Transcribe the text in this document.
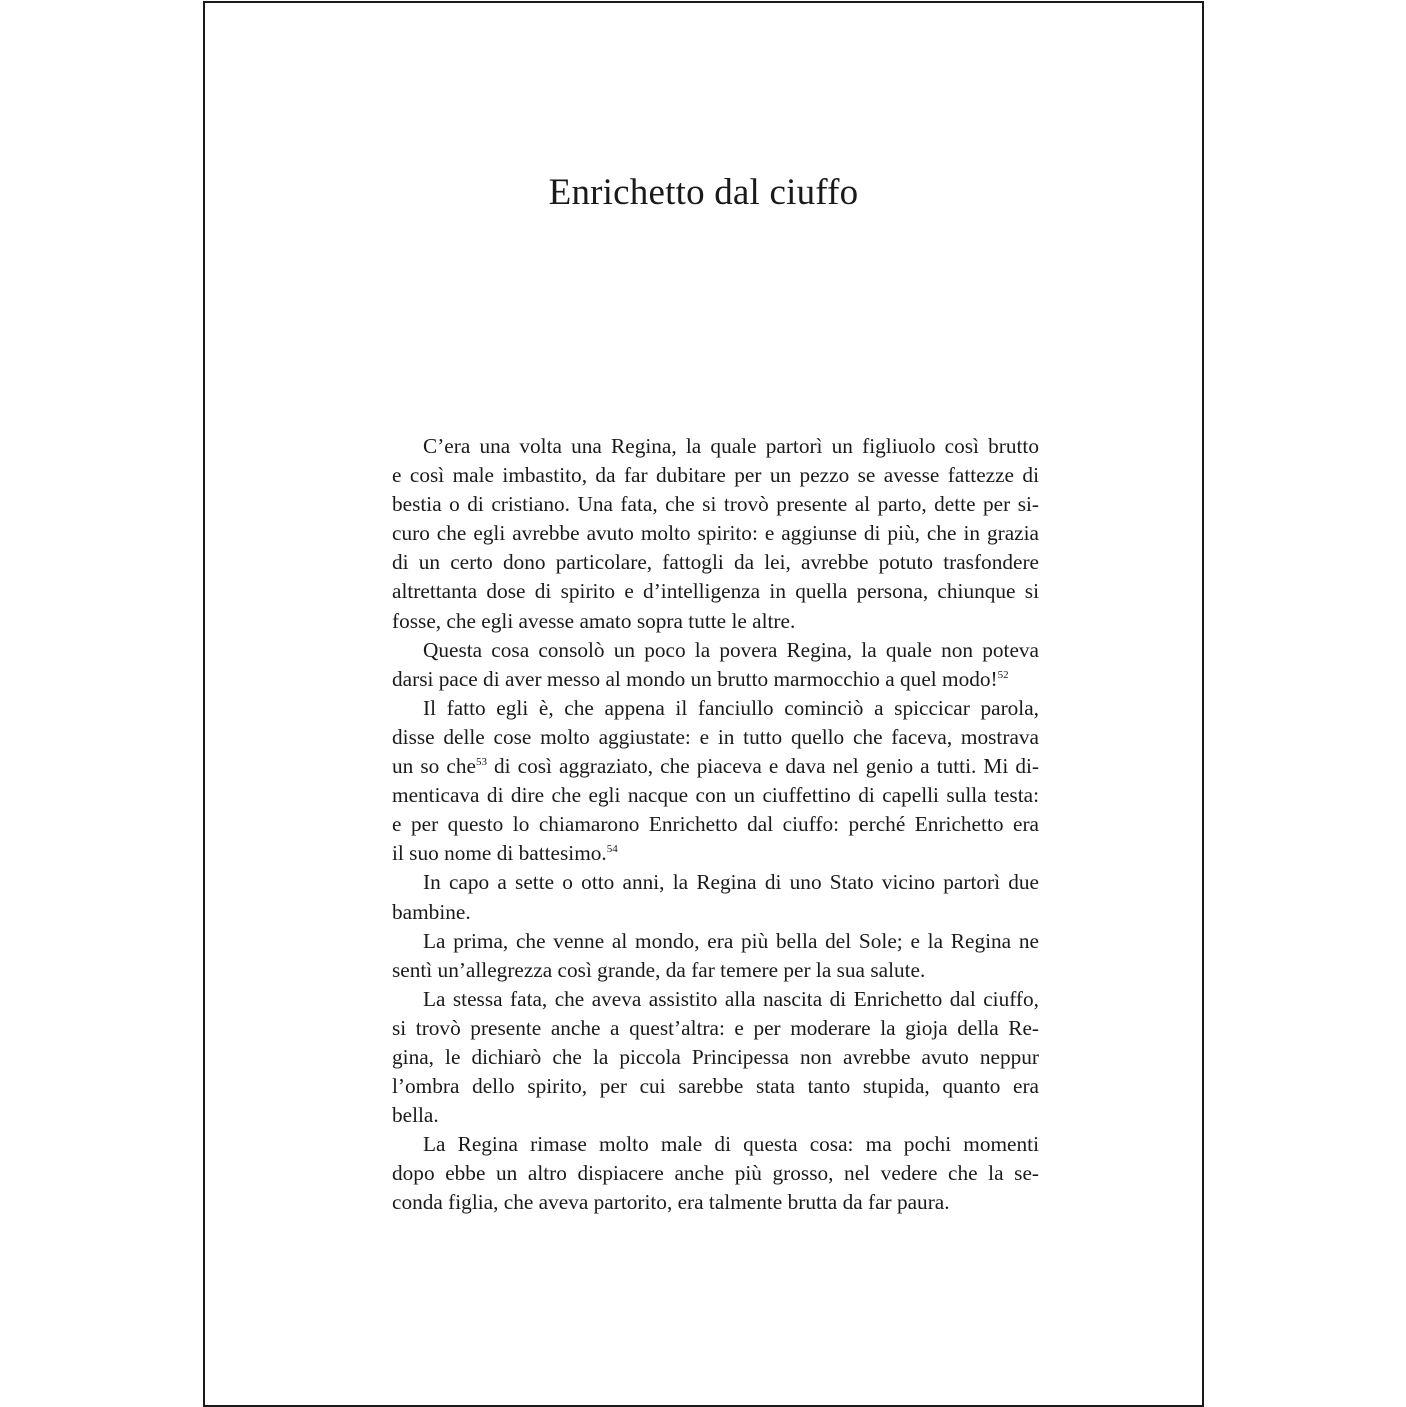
Enrichetto dal ciuffo
C’era una volta una Regina, la quale partorì un figliuolo così brutto
e così male imbastito, da far dubitare per un pezzo se avesse fattezze di
bestia o di cristiano. Una fata, che si trovò presente al parto, dette per si-
curo che egli avrebbe avuto molto spirito: e aggiunse di più, che in grazia
di un certo dono particolare, fattogli da lei, avrebbe potuto trasfondere
altrettanta dose di spirito e d’intelligenza in quella persona, chiunque si
fosse, che egli avesse amato sopra tutte le altre.
Questa cosa consolò un poco la povera Regina, la quale non poteva
darsi pace di aver messo al mondo un brutto marmocchio a quel modo!$^{52}$
Il fatto egli è, che appena il fanciullo cominciò a spiccicar parola,
disse delle cose molto aggiustate: e in tutto quello che faceva, mostrava
un so che$^{53}$ di così aggraziato, che piaceva e dava nel genio a tutti. Mi di-
menticava di dire che egli nacque con un ciuffettino di capelli sulla testa:
e per questo lo chiamarono Enrichetto dal ciuffo: perché Enrichetto era
il suo nome di battesimo.$^{54}$
In capo a sette o otto anni, la Regina di uno Stato vicino partorì due
bambine.
La prima, che venne al mondo, era più bella del Sole; e la Regina ne
sentì un’allegrezza così grande, da far temere per la sua salute.
La stessa fata, che aveva assistito alla nascita di Enrichetto dal ciuffo,
si trovò presente anche a quest’altra: e per moderare la gioja della Re-
gina, le dichiarò che la piccola Principessa non avrebbe avuto neppur
l’ombra dello spirito, per cui sarebbe stata tanto stupida, quanto era
bella.
La Regina rimase molto male di questa cosa: ma pochi momenti
dopo ebbe un altro dispiacere anche più grosso, nel vedere che la se-
conda figlia, che aveva partorito, era talmente brutta da far paura.
